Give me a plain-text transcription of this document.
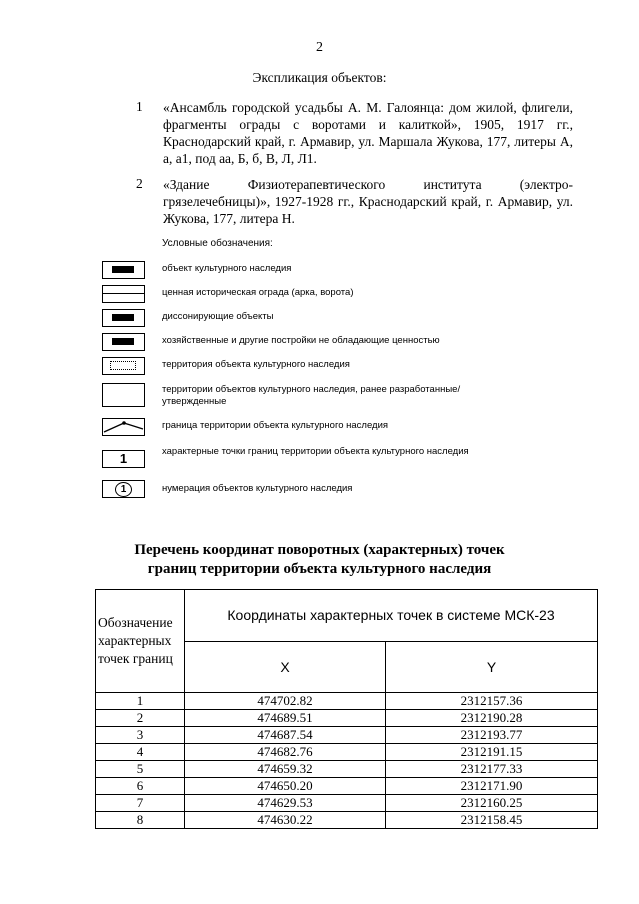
2
Экспликация объектов:
1 «Ансамбль городской усадьбы А. М. Галоянца: дом жилой, флигели, фрагменты ограды с воротами и калиткой», 1905, 1917 гг., Краснодарский край, г. Армавир, ул. Маршала Жукова, 177, литеры А, а, а1, под аа, Б, б, В, Л, Л1.
2 «Здание Физиотерапевтического института (электро-грязелечебницы)», 1927-1928 гг., Краснодарский край, г. Армавир, ул. Жукова, 177, литера Н.
Условные обозначения:
объект культурного наследия
ценная историческая ограда (арка, ворота)
диссонирующие объекты
хозяйственные и другие постройки не обладающие ценностью
территория объекта культурного наследия
территории объектов культурного наследия, ранее разработанные/утвержденные
граница территории объекта культурного наследия
1	характерные точки границ территории объекта культурного наследия
1	нумерация объектов культурного наследия
Перечень координат поворотных (характерных) точек
границ территории объекта культурного наследия
Обозначение характерных точек границ	Координаты характерных точек в системе МСК-23	
	X	Y
1	474702.82	2312157.36
2	474689.51	2312190.28
3	474687.54	2312193.77
4	474682.76	2312191.15
5	474659.32	2312177.33
6	474650.20	2312171.90
7	474629.53	2312160.25
8	474630.22	2312158.45
